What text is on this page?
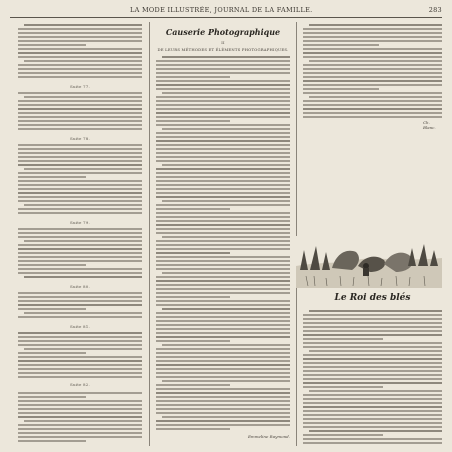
LA MODE ILLUSTRÉE, JOURNAL DE LA FAMILLE.	283
Suite 77.
Suite 78.
Suite 79.
Suite 80.
Suite 81.
Suite 82.
Causerie Photographique
II
DE LEURS MÉTHODES ET ÉLÉMENTS PHOTOGRAPHIQUES.
Emmeline Raymond.
Ch. Blanc.
Le Roi des blés
